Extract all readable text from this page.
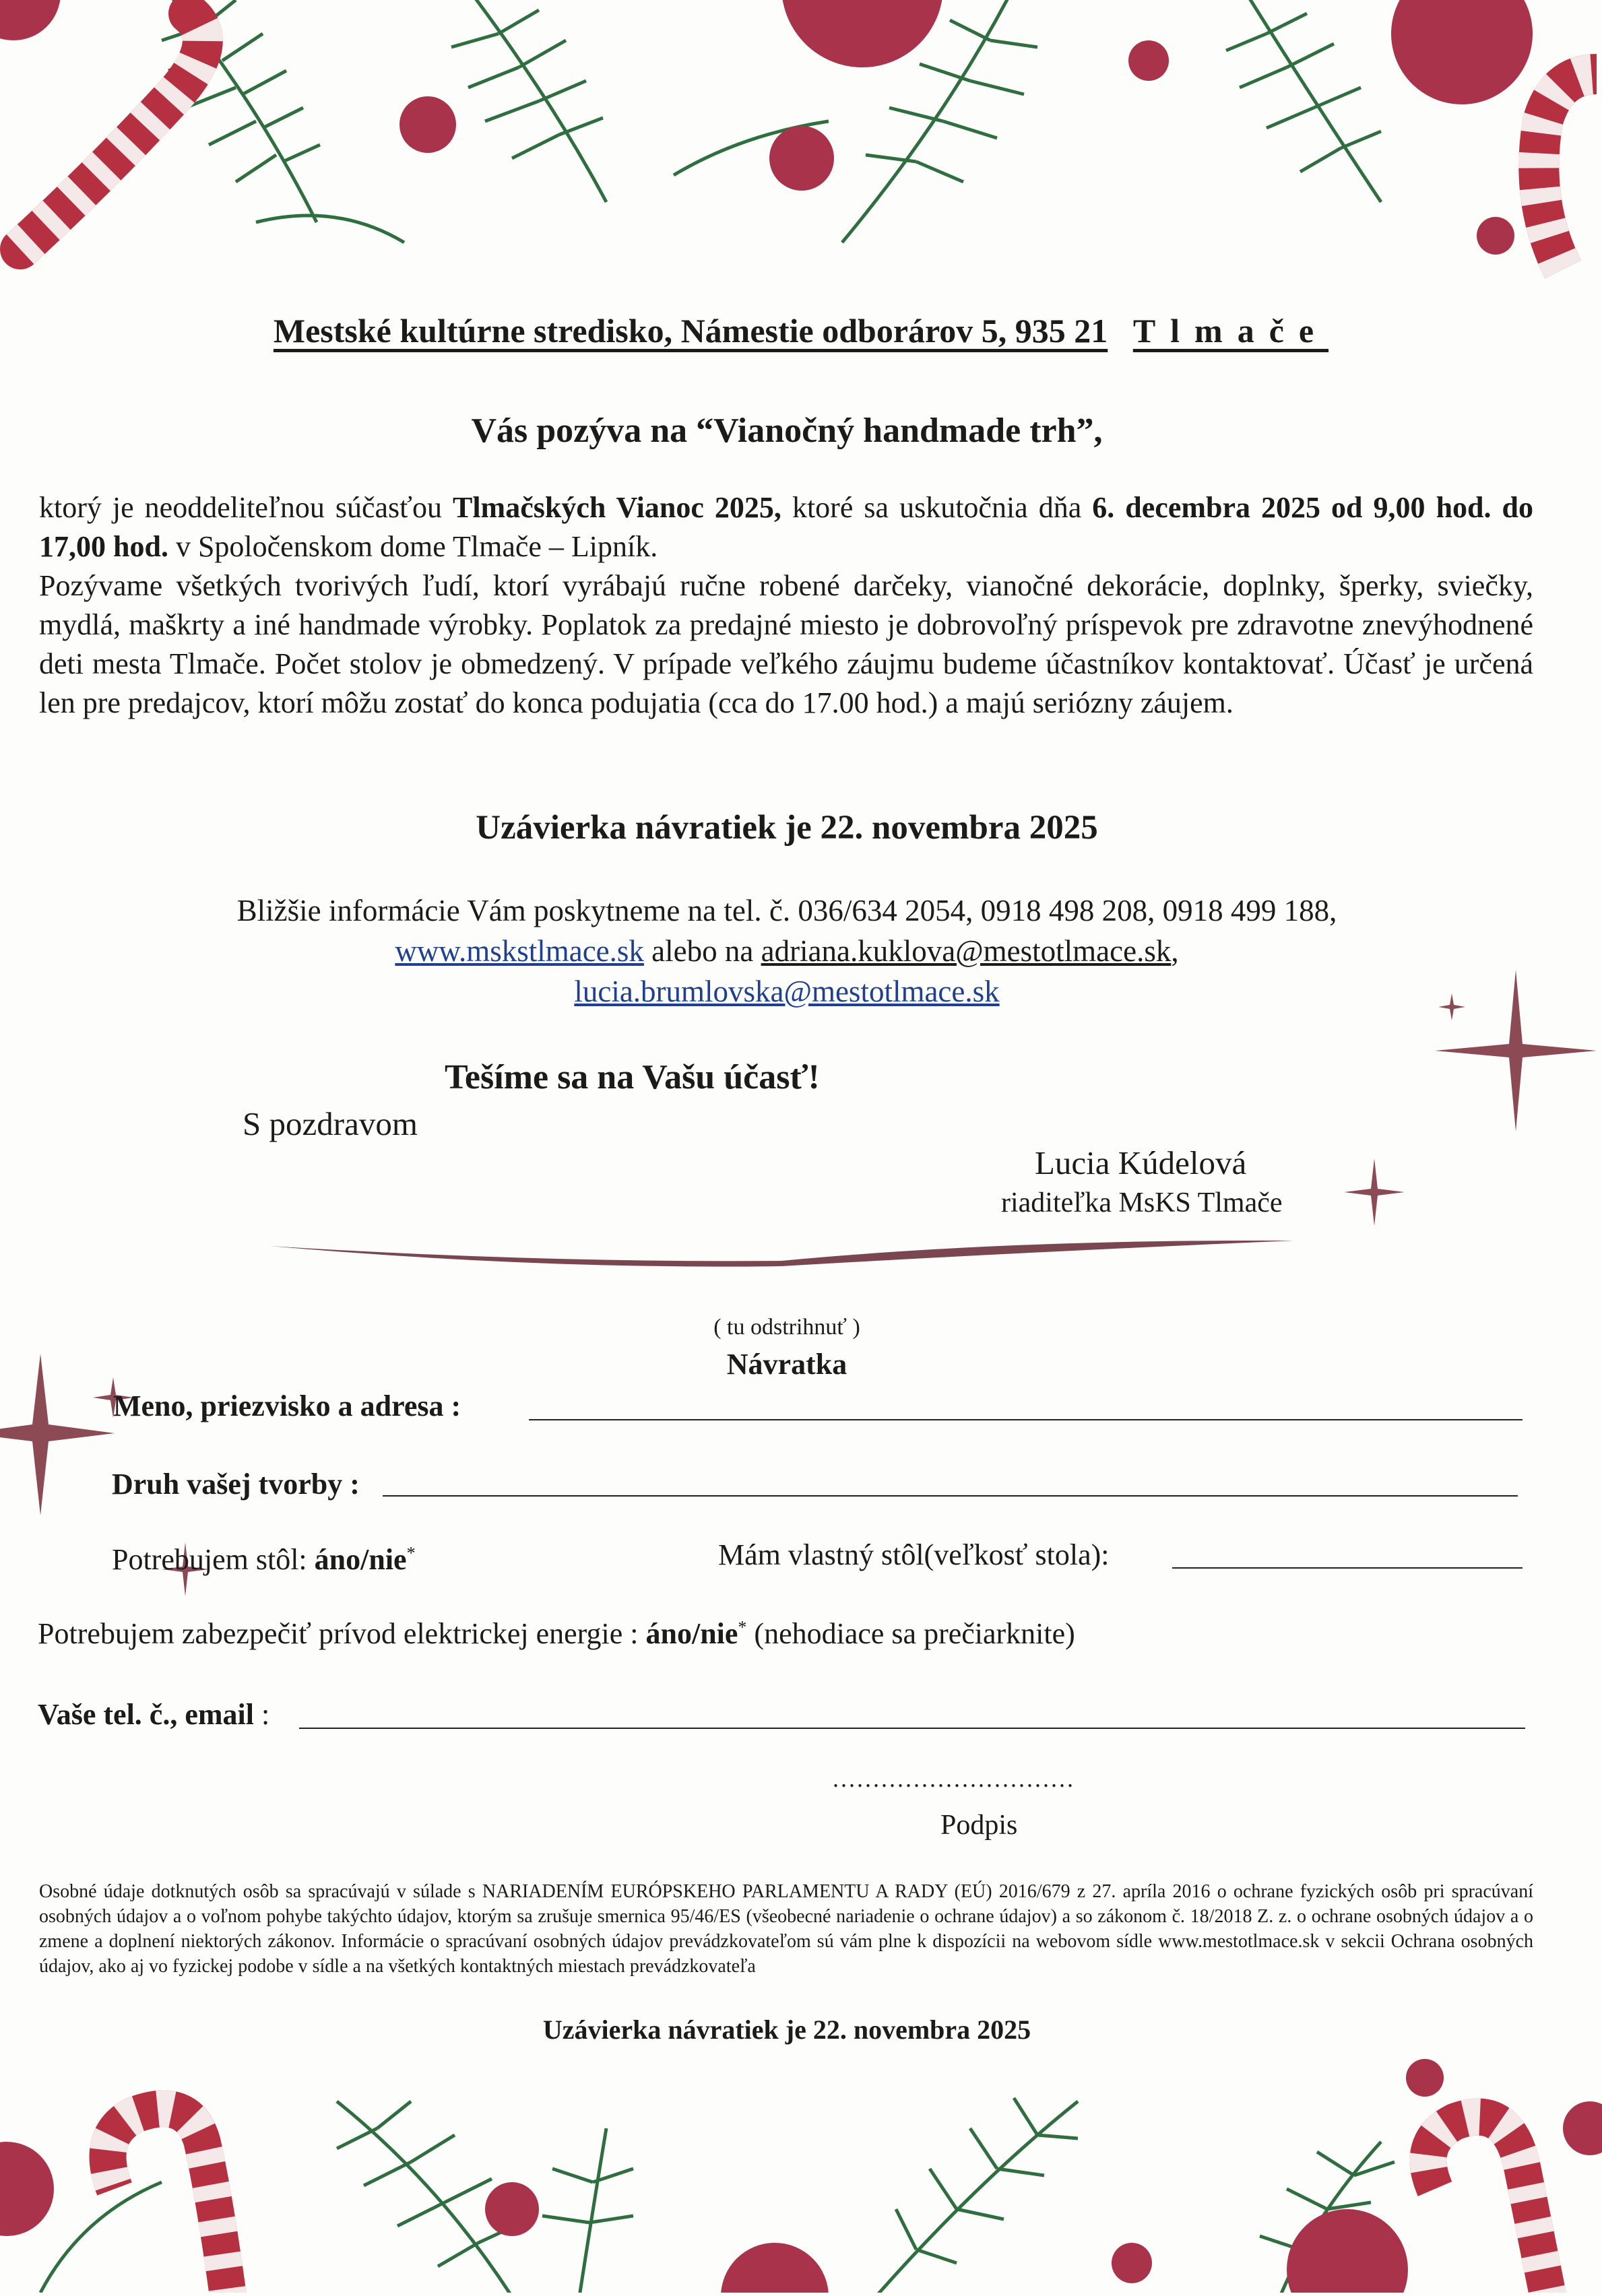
Mestské kultúrne stredisko, Námestie odborárov 5, 935 21 Tlmače
Vás pozýva na “Vianočný handmade trh”,
ktorý je neoddeliteľnou súčasťou Tlmačských Vianoc 2025, ktoré sa uskutočnia dňa 6. decembra 2025 od 9,00 hod. do 17,00 hod. v Spoločenskom dome Tlmače – Lipník.
Pozývame všetkých tvorivých ľudí, ktorí vyrábajú ručne robené darčeky, vianočné dekorácie, doplnky, šperky, sviečky, mydlá, maškrty a iné handmade výrobky. Poplatok za predajné miesto je dobrovoľný príspevok pre zdravotne znevýhodnené deti mesta Tlmače. Počet stolov je obmedzený. V prípade veľkého záujmu budeme účastníkov kontaktovať. Účasť je určená len pre predajcov, ktorí môžu zostať do konca podujatia (cca do 17.00 hod.) a majú seriózny záujem.
Uzávierka návratiek je 22. novembra 2025
Bližšie informácie Vám poskytneme na tel. č. 036/634 2054, 0918 498 208, 0918 499 188,
www.mskstlmace.sk alebo na adriana.kuklova@mestotlmace.sk,
lucia.brumlovska@mestotlmace.sk
Tešíme sa na Vašu účasť!
S pozdravom
Lucia Kúdelová
riaditeľka MsKS Tlmače
( tu odstrihnuť )
Návratka
Meno, priezvisko a adresa :
Druh vašej tvorby :
Potrebujem stôl: áno/nie*	Mám vlastný stôl(veľkosť stola):
Potrebujem zabezpečiť prívod elektrickej energie : áno/nie* (nehodiace sa prečiarknite)
Vaše tel. č., email :
..............................
Podpis
Osobné údaje dotknutých osôb sa spracúvajú v súlade s NARIADENÍM EURÓPSKEHO PARLAMENTU A RADY (EÚ) 2016/679 z 27. apríla 2016 o ochrane fyzických osôb pri spracúvaní osobných údajov a o voľnom pohybe takýchto údajov, ktorým sa zrušuje smernica 95/46/ES (všeobecné nariadenie o ochrane údajov) a so zákonom č. 18/2018 Z. z. o ochrane osobných údajov a o zmene a doplnení niektorých zákonov. Informácie o spracúvaní osobných údajov prevádzkovateľom sú vám plne k dispozícii na webovom sídle www.mestotlmace.sk v sekcii Ochrana osobných údajov, ako aj vo fyzickej podobe v sídle a na všetkých kontaktných miestach prevádzkovateľa
Uzávierka návratiek je 22. novembra 2025
